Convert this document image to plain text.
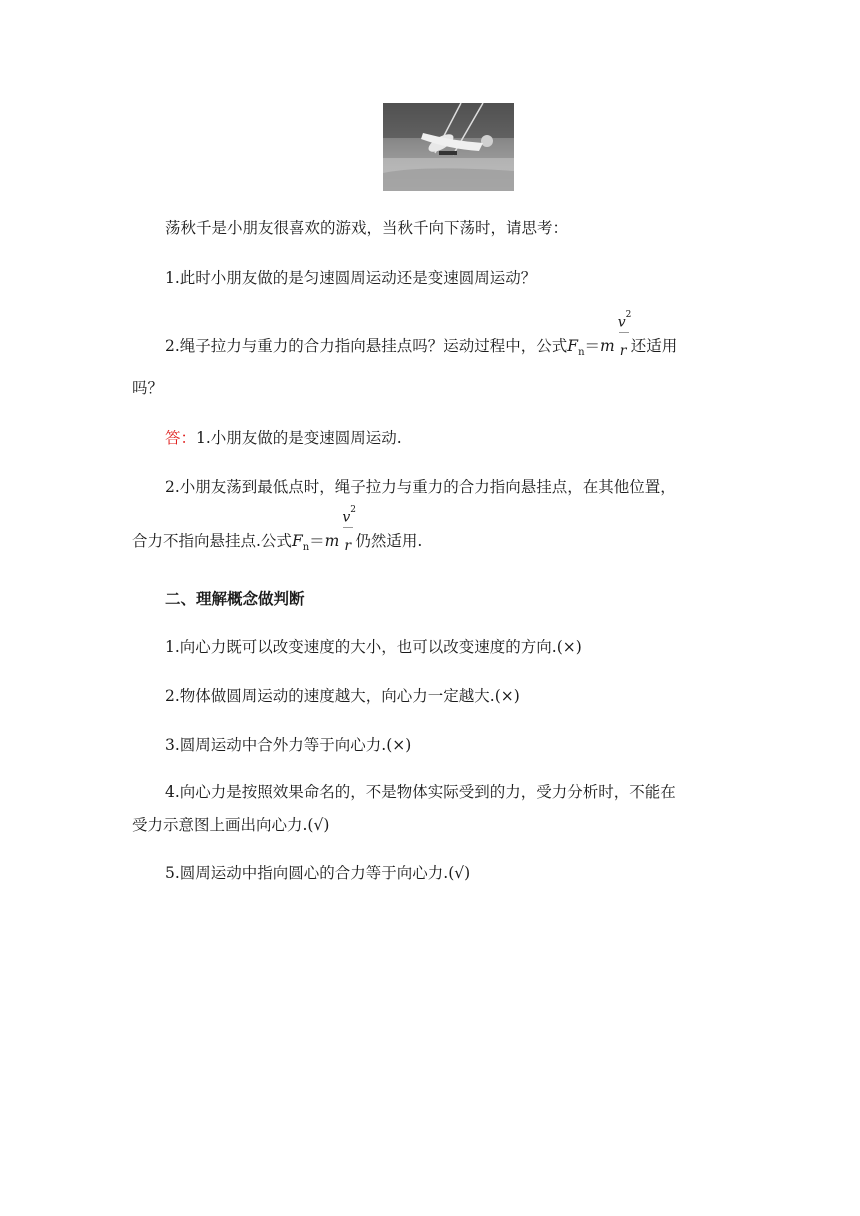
荡秋千是小朋友很喜欢的游戏，当秋千向下荡时，请思考：
1.此时小朋友做的是匀速圆周运动还是变速圆周运动？
2.绳子拉力与重力的合力指向悬挂点吗？运动过程中，公式$F_n=m \frac{v^2}{r}$ 还适用
吗？
答：1.小朋友做的是变速圆周运动.
2.小朋友荡到最低点时，绳子拉力与重力的合力指向悬挂点，在其他位置，
合力不指向悬挂点.公式$F_n=m \frac{v^2}{r}$ 仍然适用.
二、理解概念做判断
1.向心力既可以改变速度的大小，也可以改变速度的方向.(×)
2.物体做圆周运动的速度越大，向心力一定越大.(×)
3.圆周运动中合外力等于向心力.(×)
4.向心力是按照效果命名的，不是物体实际受到的力，受力分析时，不能在
受力示意图上画出向心力.(√)
5.圆周运动中指向圆心的合力等于向心力.(√)
